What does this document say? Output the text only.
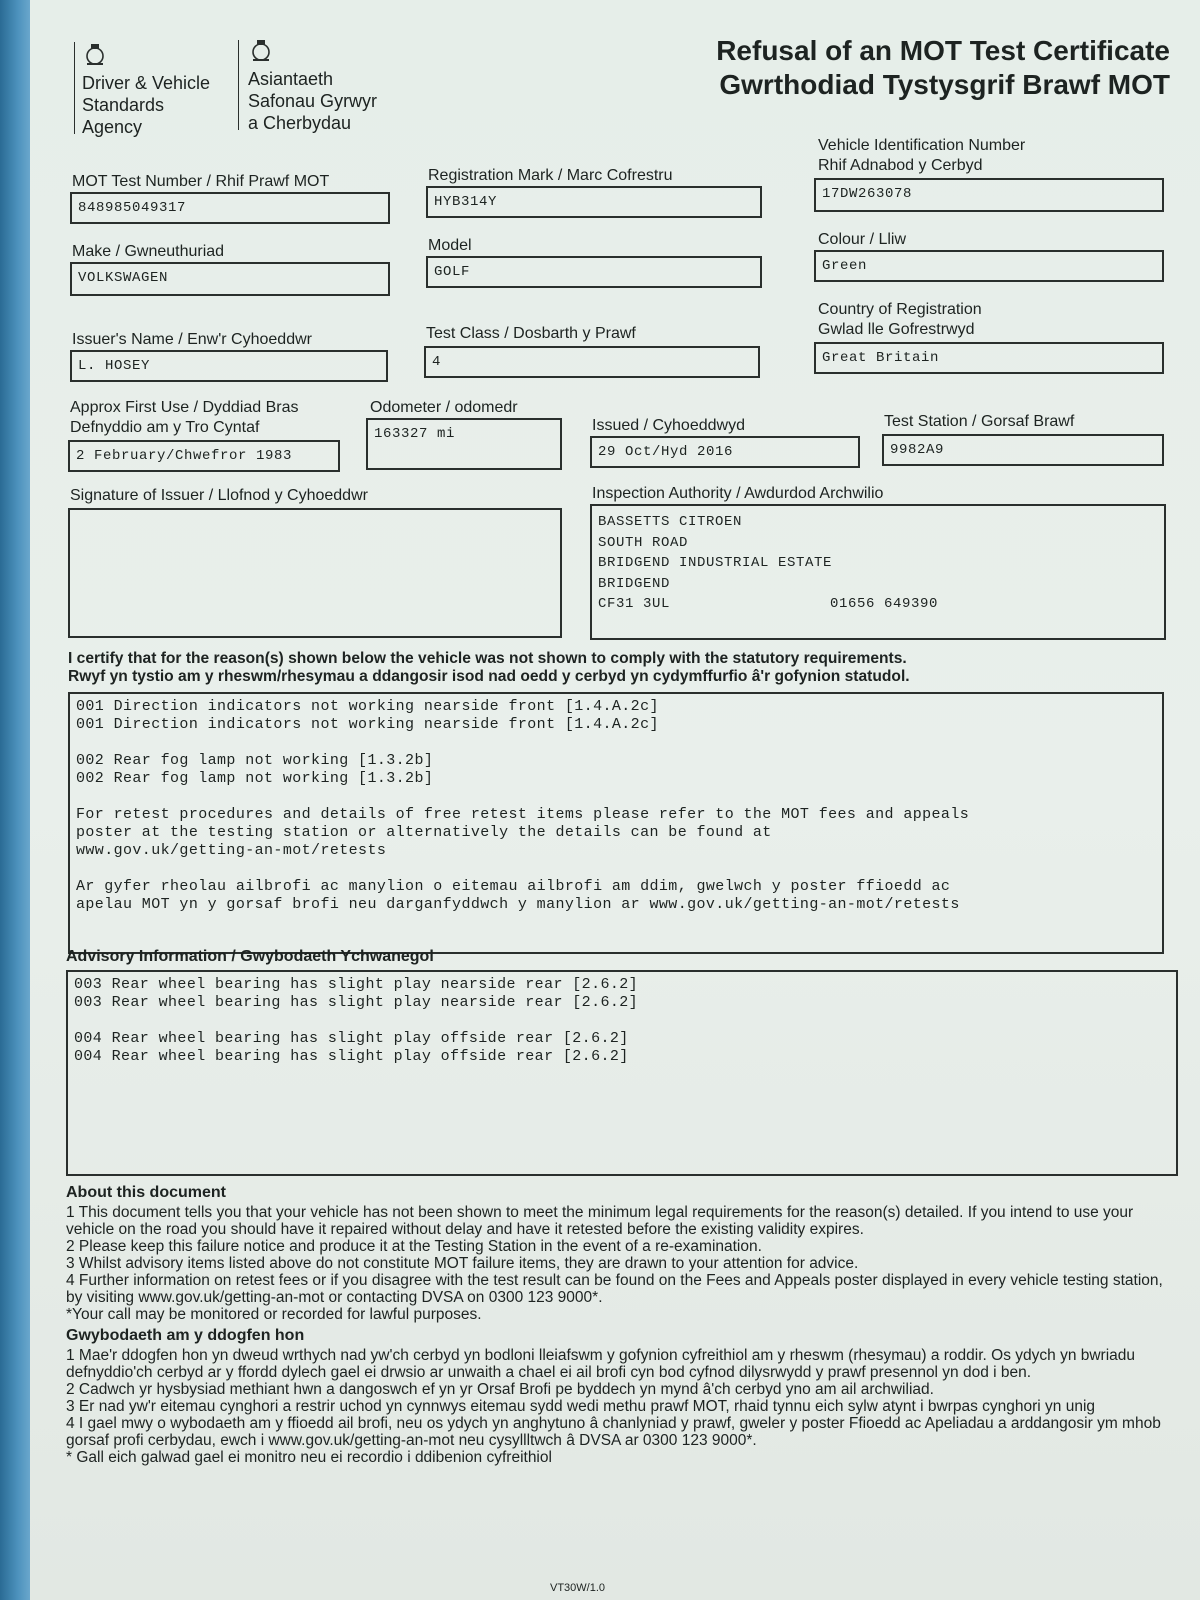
Driver & Vehicle
Standards
Agency
Asiantaeth
Safonau Gyrwyr
a Cherbydau
Refusal of an MOT Test Certificate
Gwrthodiad Tystysgrif Brawf MOT
MOT Test Number / Rhif Prawf MOT
848985049317
Registration Mark / Marc Cofrestru
HYB314Y
Vehicle Identification Number
Rhif Adnabod y Cerbyd
17DW263078
Make / Gwneuthuriad
VOLKSWAGEN
Model
GOLF
Colour / Lliw
Green
Issuer's Name / Enw'r Cyhoeddwr
L. HOSEY
Test Class / Dosbarth y Prawf
4
Country of Registration
Gwlad lle Gofrestrwyd
Great Britain
Approx First Use / Dyddiad Bras
Defnyddio am y Tro Cyntaf
2 February/Chwefror 1983
Odometer / odomedr
163327 mi	Issued / Cyhoeddwyd
29 Oct/Hyd 2016
Test Station / Gorsaf Brawf
9982A9
Signature of Issuer / Llofnod y Cyhoeddwr	Inspection Authority / Awdurdod Archwilio
BASSETTS CITROEN
SOUTH ROAD
BRIDGEND INDUSTRIAL ESTATE
BRIDGEND
CF31 3UL	01656 649390
I certify that for the reason(s) shown below the vehicle was not shown to comply with the statutory requirements.
Rwyf yn tystio am y rheswm/rhesymau a ddangosir isod nad oedd y cerbyd yn cydymffurfio â'r gofynion statudol.
001 Direction indicators not working nearside front [1.4.A.2c]
001 Direction indicators not working nearside front [1.4.A.2c]

002 Rear fog lamp not working [1.3.2b]
002 Rear fog lamp not working [1.3.2b]

For retest procedures and details of free retest items please refer to the MOT fees and appeals
poster at the testing station or alternatively the details can be found at
www.gov.uk/getting-an-mot/retests

Ar gyfer rheolau ailbrofi ac manylion o eitemau ailbrofi am ddim, gwelwch y poster ffioedd ac
apelau MOT yn y gorsaf brofi neu darganfyddwch y manylion ar www.gov.uk/getting-an-mot/retests
Advisory Information / Gwybodaeth Ychwanegol
003 Rear wheel bearing has slight play nearside rear [2.6.2]
003 Rear wheel bearing has slight play nearside rear [2.6.2]

004 Rear wheel bearing has slight play offside rear [2.6.2]
004 Rear wheel bearing has slight play offside rear [2.6.2]
About this document

1 This document tells you that your vehicle has not been shown to meet the minimum legal requirements for the reason(s) detailed. If you intend to use your vehicle on the road you should have it repaired without delay and have it retested before the existing validity expires.

2 Please keep this failure notice and produce it at the Testing Station in the event of a re-examination.

3 Whilst advisory items listed above do not constitute MOT failure items, they are drawn to your attention for advice.

4 Further information on retest fees or if you disagree with the test result can be found on the Fees and Appeals poster displayed in every vehicle testing station, by visiting www.gov.uk/getting-an-mot or contacting DVSA on 0300 123 9000*.

*Your call may be monitored or recorded for lawful purposes.

Gwybodaeth am y ddogfen hon

1 Mae'r ddogfen hon yn dweud wrthych nad yw'ch cerbyd yn bodloni lleiafswm y gofynion cyfreithiol am y rheswm (rhesymau) a roddir. Os ydych yn bwriadu defnyddio'ch cerbyd ar y ffordd dylech gael ei drwsio ar unwaith a chael ei ail brofi cyn bod cyfnod dilysrwydd y prawf presennol yn dod i ben.

2 Cadwch yr hysbysiad methiant hwn a dangoswch ef yn yr Orsaf Brofi pe byddech yn mynd â'ch cerbyd yno am ail archwiliad.

3 Er nad yw'r eitemau cynghori a restrir uchod yn cynnwys eitemau sydd wedi methu prawf MOT, rhaid tynnu eich sylw atynt i bwrpas cynghori yn unig

4 I gael mwy o wybodaeth am y ffioedd ail brofi, neu os ydych yn anghytuno â chanlyniad y prawf, gweler y poster Ffioedd ac Apeliadau a arddangosir ym mhob gorsaf profi cerbydau, ewch i www.gov.uk/getting-an-mot neu cysyllltwch â DVSA ar 0300 123 9000*.

* Gall eich galwad gael ei monitro neu ei recordio i ddibenion cyfreithiol

VT30W/1.0
